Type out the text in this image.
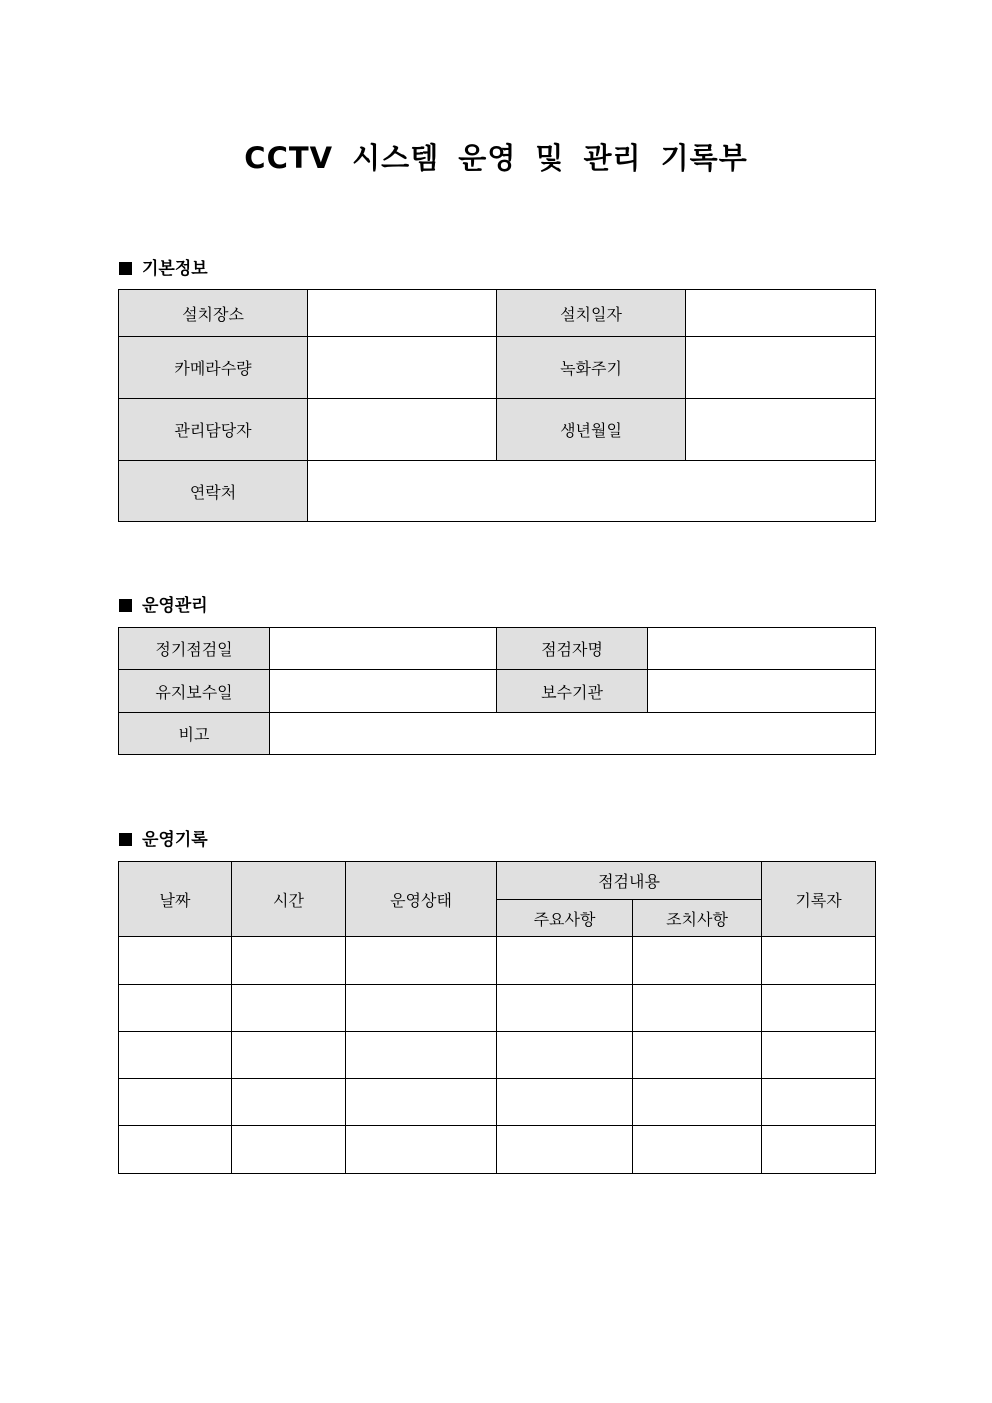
CCTV 시스템 운영 및 관리 기록부
기본정보
설치장소		설치일자	
카메라수량		녹화주기	
관리담당자		생년월일	
연락처			
운영관리
정기점검일		점검자명	
유지보수일		보수기관	
비고			
운영기록
날짜	시간	운영상태	점검내용		기록자
			주요사항	조치사항	
